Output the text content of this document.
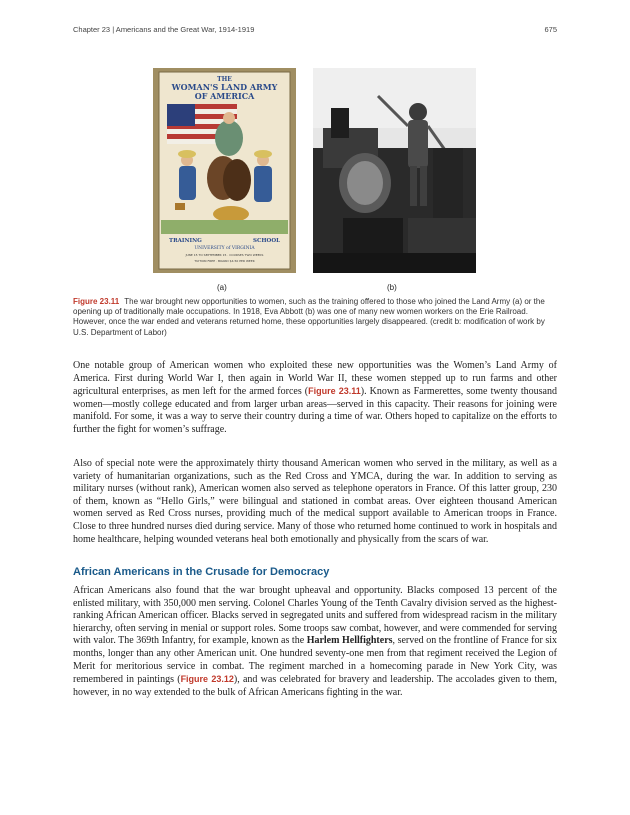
Chapter 23 | Americans and the Great War, 1914-1919	675
THE
WOMAN'S LAND ARMY
OF AMERICA
TRAINING	SCHOOL
UNIVERSITY of VIRGINIA
JUNE 15 TO SEPTEMBER 15 · COURSES TWO WEEKS
TUITION FREE · BOARD $4.50 PER WEEK
(a)	(b)
Figure 23.11 The war brought new opportunities to women, such as the training offered to those who joined the Land Army (a) or the opening up of traditionally male occupations. In 1918, Eva Abbott (b) was one of many new women workers on the Erie Railroad. However, once the war ended and veterans returned home, these opportunities largely disappeared. (credit b: modification of work by U.S. Department of Labor)

One notable group of American women who exploited these new opportunities was the Women’s Land Army of America. First during World War I, then again in World War II, these women stepped up to run farms and other agricultural enterprises, as men left for the armed forces (Figure 23.11). Known as Farmerettes, some twenty thousand women—mostly college educated and from larger urban areas—served in this capacity. Their reasons for joining were manifold. For some, it was a way to serve their country during a time of war. Others hoped to capitalize on the efforts to further the fight for women’s suffrage.

Also of special note were the approximately thirty thousand American women who served in the military, as well as a variety of humanitarian organizations, such as the Red Cross and YMCA, during the war. In addition to serving as military nurses (without rank), American women also served as telephone operators in France. Of this latter group, 230 of them, known as “Hello Girls,” were bilingual and stationed in combat areas. Over eighteen thousand American women served as Red Cross nurses, providing much of the medical support available to American troops in France. Close to three hundred nurses died during service. Many of those who returned home continued to work in hospitals and home healthcare, helping wounded veterans heal both emotionally and physically from the scars of war.

African Americans in the Crusade for Democracy

African Americans also found that the war brought upheaval and opportunity. Blacks composed 13 percent of the enlisted military, with 350,000 men serving. Colonel Charles Young of the Tenth Cavalry division served as the highest-ranking African American officer. Blacks served in segregated units and suffered from widespread racism in the military hierarchy, often serving in menial or support roles. Some troops saw combat, however, and were commended for serving with valor. The 369th Infantry, for example, known as the Harlem Hellfighters, served on the frontline of France for six months, longer than any other American unit. One hundred seventy-one men from that regiment received the Legion of Merit for meritorious service in combat. The regiment marched in a homecoming parade in New York City, was remembered in paintings (Figure 23.12), and was celebrated for bravery and leadership. The accolades given to them, however, in no way extended to the bulk of African Americans fighting in the war.
